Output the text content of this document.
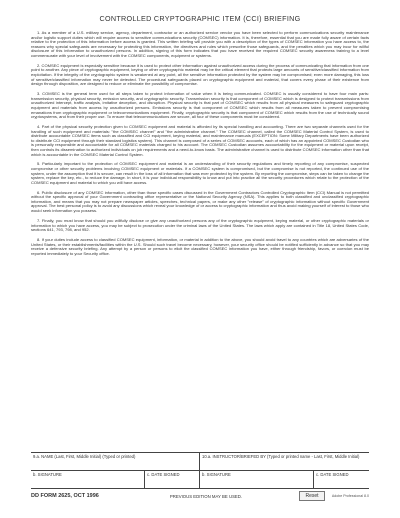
CONTROLLED CRYPTOGRAPHIC ITEM (CCI) BRIEFING

1. As a member of a U.S. military service, agency, department, contractor or an authorized service vendor you have been selected to perform communications security maintenance and/or logistic support duties which will require access to sensitive communications security (COMSEC) information. It is, therefore, essential that you are made fully aware of certain facts relative to the protection of this information before access is granted. This written briefing will provide you with a description of the types of COMSEC information you have access to, the reasons why special safeguards are necessary for protecting this information, the directives and rules which prescribe those safeguards, and the penalties which you may incur for willful disclosure of this information to unauthorized persons. In addition, signing of this form indicates that you have received the required COMSEC security awareness training to a level commensurate with your level of involvement with the COMSEC components, equipment or systems.

2. COMSEC equipment is especially sensitive because it is used to protect other information against unauthorized access during the process of communicating that information from one point to another. Any piece of cryptographic equipment, keying or other cryptographic material may be the critical element that protects large amounts of sensitive/classified information from exploitation. If the integrity of the cryptographic system is weakened at any point, all the sensitive information protected by the system may be compromised; even more damaging, this loss of sensitive/classified information may never be detected. The procedural safeguards placed on cryptographic equipment and material, that covers every phase of their existence from design through disposition, are designed to reduce or eliminate the possibility of compromise.

3. COMSEC is the general term used for all steps taken to protect information of value when it is being communicated. COMSEC is usually considered to have four main parts: transmission security, physical security, emission security, and cryptographic security. Transmission security is that component of COMSEC which is designed to protect transmissions from unauthorized intercept, traffic analysis, imitative deception, and disruption. Physical security is that part of COMSEC which results from all physical measures to safeguard cryptographic equipment and materials from access by unauthorized persons. Emissions security is that component of COMSEC which results from all measures taken to prevent compromising emanations from cryptographic equipment or telecommunications equipment. Finally, cryptographic security is that component of COMSEC which results from the use of technically sound cryptosystems, and from their proper use. To ensure that telecommunications are secure, all four of these components must be considered.

4. Part of the physical security protection given to COMSEC equipment and material is afforded by its special handling and accounting. There are two separate channels used for the handling of such equipment and materials: "the COMSEC channel" and "the administrative channel." The COMSEC channel, called the COMSEC Material Control System, is used to distribute accountable COMSEC items such as classified and CCI equipment, keying material, and maintenance manuals (EXCEPTION: Some Military Departments have been authorized to distribute CCI equipment through their standard logistics system). This channel is composed of a series of COMSEC accounts, each of which has an appointed COMSEC Custodian who is personally responsible and accountable for all COMSEC materials charged to his account. The COMSEC Custodian assumes accountability for the equipment or material upon receipt, then controls its dissemination to authorized individuals on job requirements and a need-to-know basis. The administrative channel is used to distribute COMSEC information other than that which is accountable in the COMSEC Material Control System.

5. Particularly important to the protection of COMSEC equipment and material is an understanding of their security regulations and timely reporting of any compromise, suspected compromise or other security problems involving COMSEC equipment or materials. If a COMSEC system is compromised, but the compromise is not reported, the continued use of the system, under the assumption that it is secure, can result in the loss of all information that was ever protected by the system. By reporting the compromise, steps can be taken to change the system, replace the key, etc., to reduce the damage. In short, it is your individual responsibility to know and put into practice all the security procedures which relate to the protection of the COMSEC equipment and material to which you will have access.

6. Public disclosure of any COMSEC information, other than those specific cases discussed in the Government Contractors Controlled Cryptographic Item (CCI) Manual is not permitted without the specific approval of your Government contracting office representative or the National Security Agency (NSA). This applies to both classified and unclassified cryptographic information, and means that you may not prepare newspaper articles, speeches, technical papers, or make any other "release" of cryptographic information without specific Government approval. The best personal policy is to avoid any discussions which reveal your knowledge of or access to cryptographic information and thus avoid making yourself of interest to those who would seek information you possess.

7. Finally, you must know that should you willfully disclose or give any unauthorized persons any of the cryptographic equipment, keying material, or other cryptographic materials or information to which you have access, you may be subject to prosecution under the criminal laws of the United States. The laws which apply are contained in Title 18, United States Code, sections 641, 793, 798, and 952.

8. If your duties include access to classified COMSEC equipment, information, or material in addition to the above, you should avoid travel to any countries which are adversaries of the United States, or their establishments/facilities within the U.S. Should such travel become necessary, however, your security office should be notified sufficiently in advance so that you may receive a defensive security briefing. Any attempt by a person or persons to elicit the classified COMSEC information you have, either through friendship, favors, or coercion must be reported immediately to your Security office.

9.a. NAME (Last, First, Middle Initial) (Typed or printed)	10.a. INSTRUCTOR/BRIEFED BY (Typed or printed name - Last, First, Middle Initial)
b. SIGNATURE	c. DATE SIGNED	b. SIGNATURE	c. DATE SIGNED
DD FORM 2625, OCT 1996	PREVIOUS EDITION MAY BE USED.	Reset	Adobe Professional 8.0
